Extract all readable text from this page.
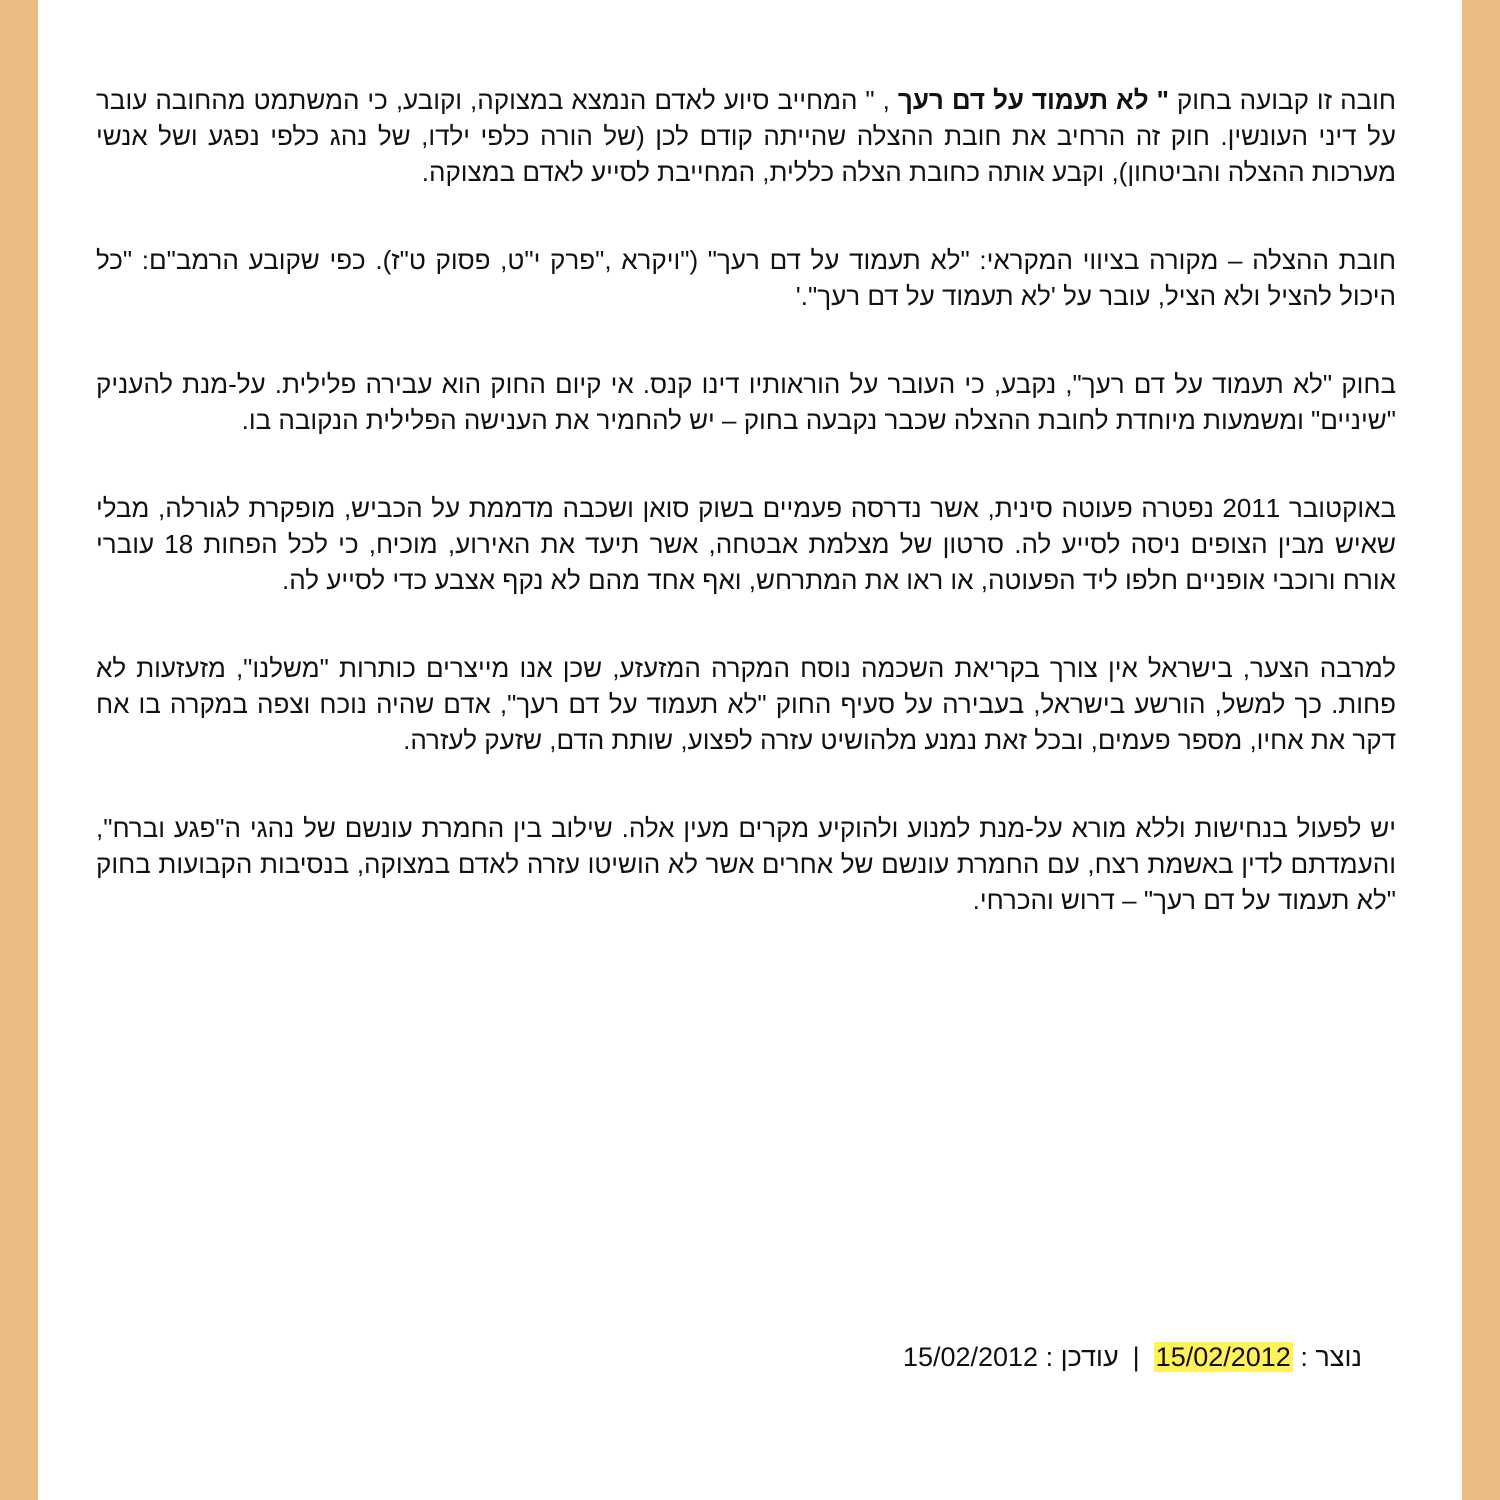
חובה זו קבועה בחוק " לא תעמוד על דם רעך , " המחייב סיוע לאדם הנמצא במצוקה, וקובע, כי המשתמט מהחובה עובר על דיני העונשין. חוק זה הרחיב את חובת ההצלה שהייתה קודם לכן (של הורה כלפי ילדו, של נהג כלפי נפגע ושל אנשי מערכות ההצלה והביטחון), וקבע אותה כחובת הצלה כללית, המחייבת לסייע לאדם במצוקה.

חובת ההצלה – מקורה בציווי המקראי: "לא תעמוד על דם רעך" ("ויקרא ,"פרק י"ט, פסוק ט"ז). כפי שקובע הרמב"ם: "כל היכול להציל ולא הציל, עובר על 'לא תעמוד על דם רעך".'

בחוק "לא תעמוד על דם רעך", נקבע, כי העובר על הוראותיו דינו קנס. אי קיום החוק הוא עבירה פלילית. על-מנת להעניק "שיניים" ומשמעות מיוחדת לחובת ההצלה שכבר נקבעה בחוק – יש להחמיר את הענישה הפלילית הנקובה בו.

באוקטובר 2011 נפטרה פעוטה סינית, אשר נדרסה פעמיים בשוק סואן ושכבה מדממת על הכביש, מופקרת לגורלה, מבלי שאיש מבין הצופים ניסה לסייע לה. סרטון של מצלמת אבטחה, אשר תיעד את האירוע, מוכיח, כי לכל הפחות 18 עוברי אורח ורוכבי אופניים חלפו ליד הפעוטה, או ראו את המתרחש, ואף אחד מהם לא נקף אצבע כדי לסייע לה.

למרבה הצער, בישראל אין צורך בקריאת השכמה נוסח המקרה המזעזע, שכן אנו מייצרים כותרות "משלנו", מזעזעות לא פחות. כך למשל, הורשע בישראל, בעבירה על סעיף החוק "לא תעמוד על דם רעך", אדם שהיה נוכח וצפה במקרה בו אח דקר את אחיו, מספר פעמים, ובכל זאת נמנע מלהושיט עזרה לפצוע, שותת הדם, שזעק לעזרה.

יש לפעול בנחישות וללא מורא על-מנת למנוע ולהוקיע מקרים מעין אלה. שילוב בין החמרת עונשם של נהגי ה"פגע וברח", והעמדתם לדין באשמת רצח, עם החמרת עונשם של אחרים אשר לא הושיטו עזרה לאדם במצוקה, בנסיבות הקבועות בחוק "לא תעמוד על דם רעך" – דרוש והכרחי.

נוצר : 15/02/2012|עודכן : 15/02/2012
